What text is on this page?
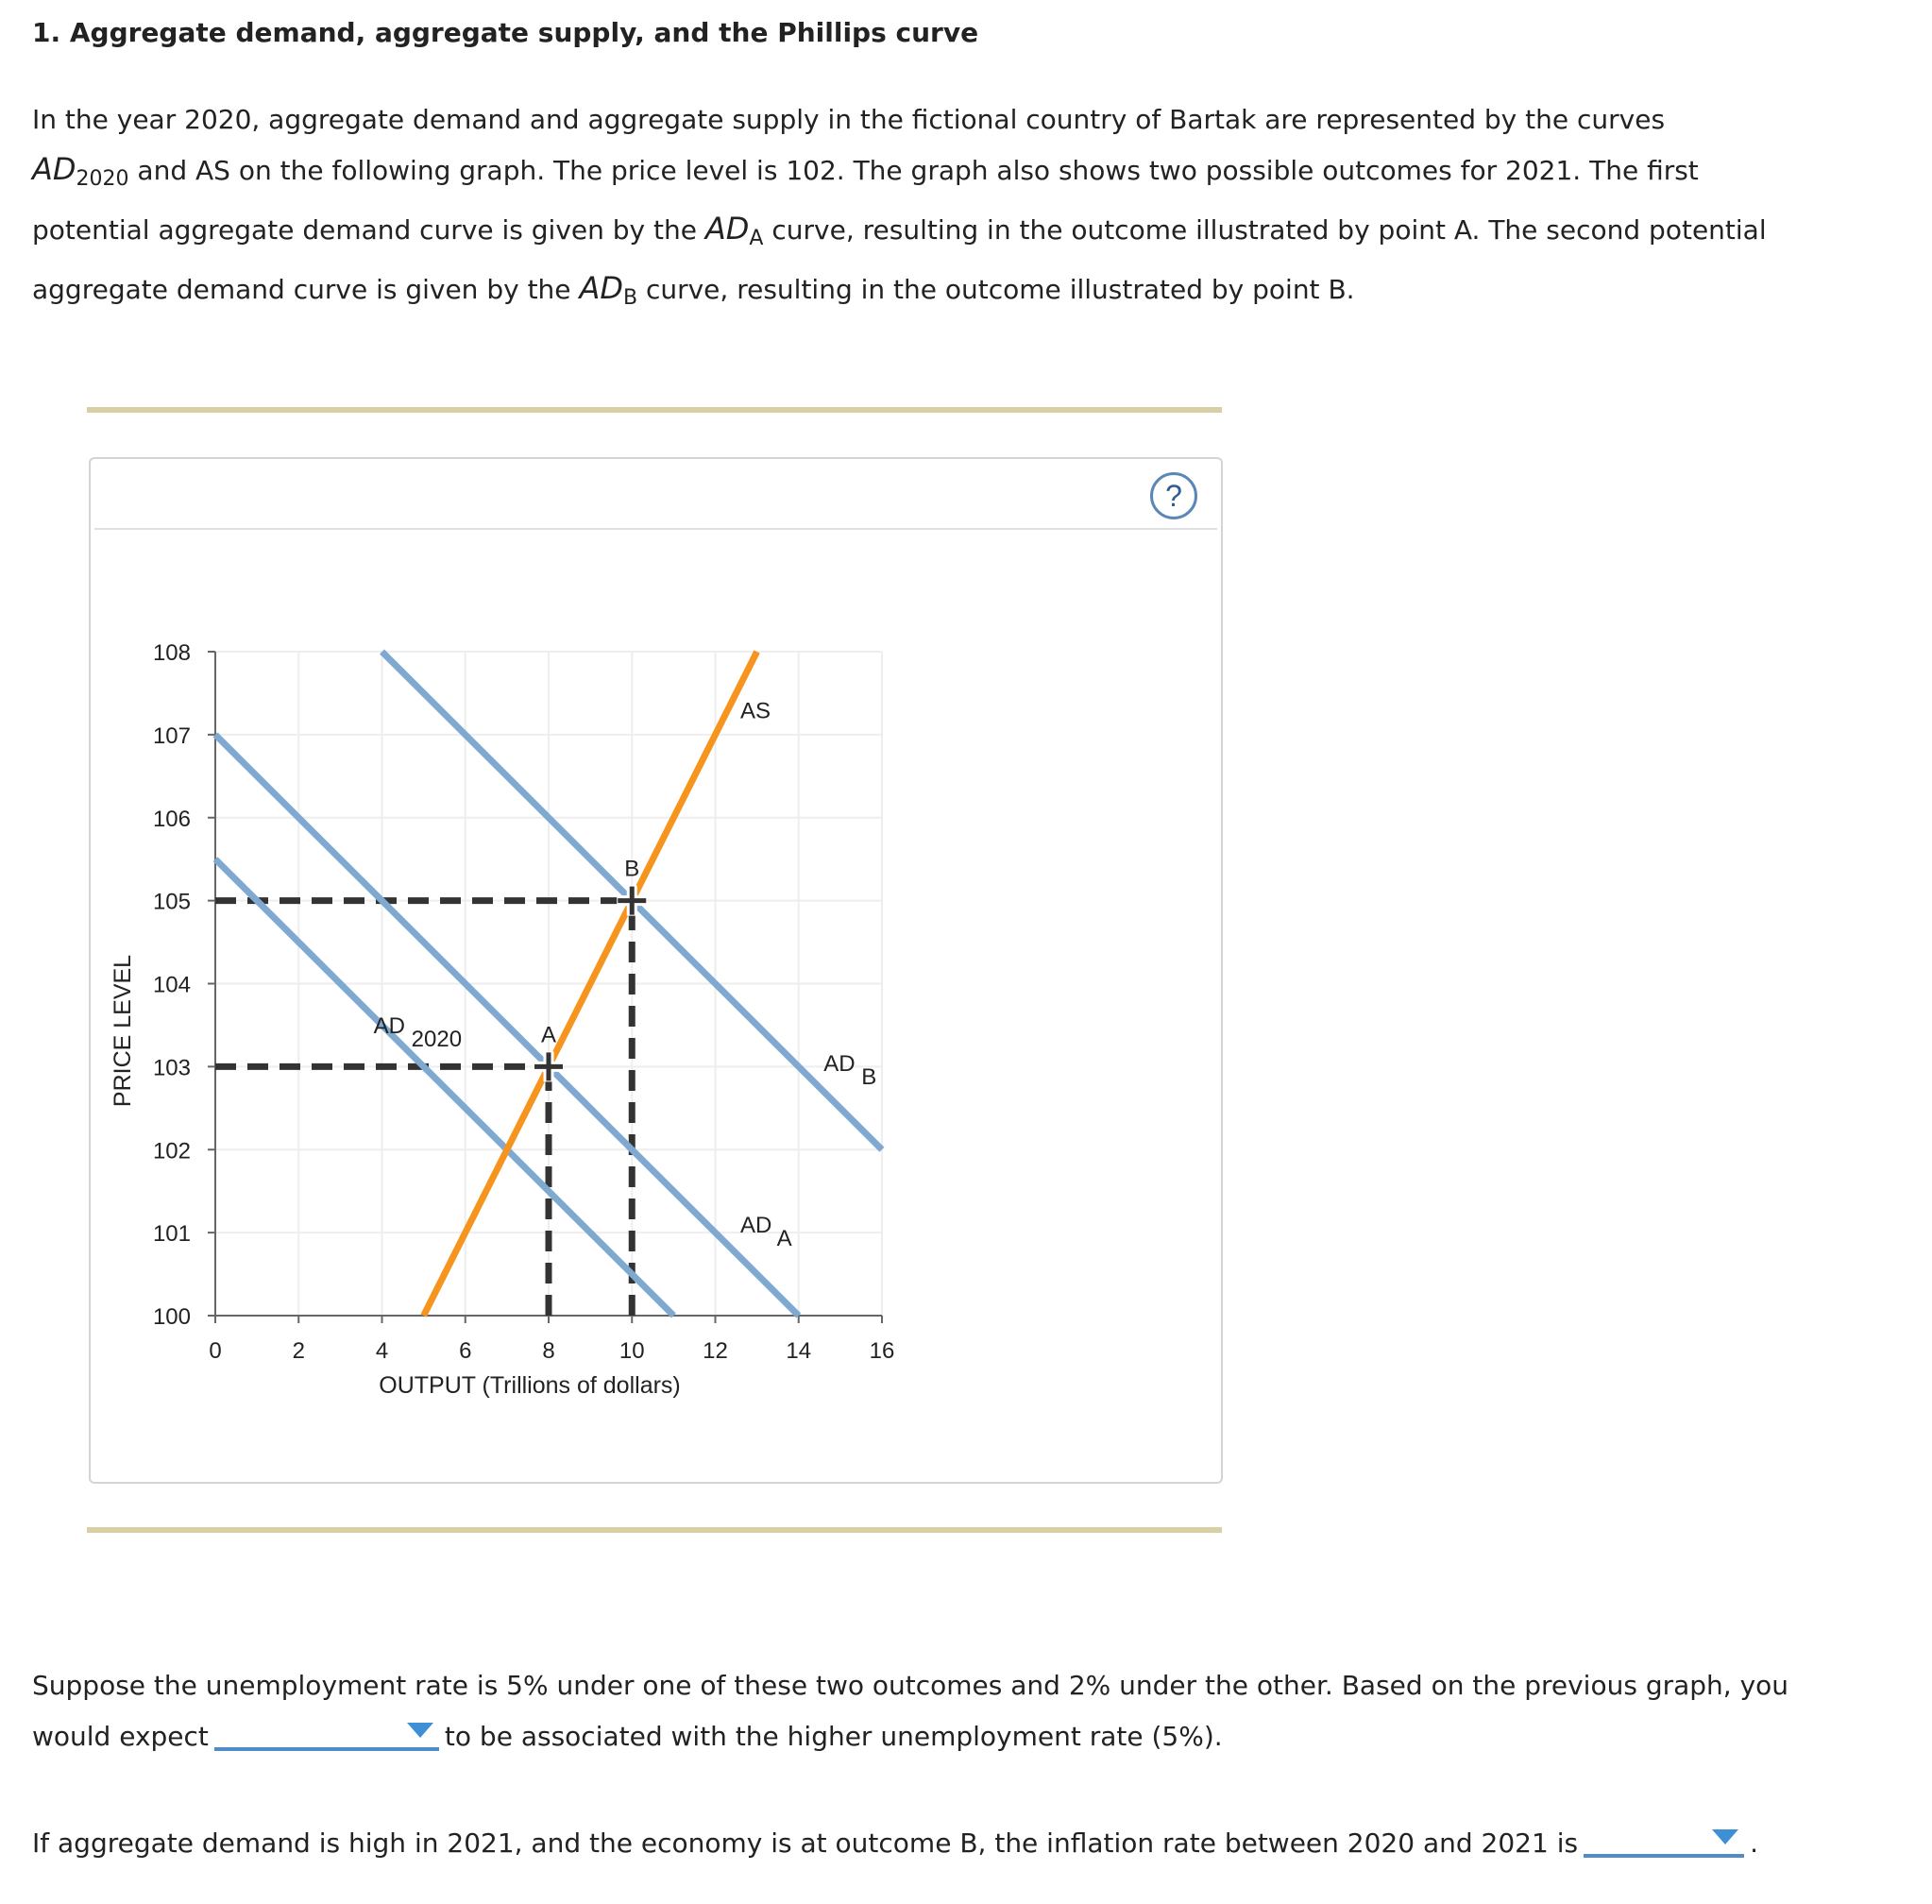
1. Aggregate demand, aggregate supply, and the Phillips curve
In the year 2020, aggregate demand and aggregate supply in the fictional country of Bartak are represented by the curves
$AD_{2020}$ and AS on the following graph. The price level is 102. The graph also shows two possible outcomes for 2021. The first
potential aggregate demand curve is given by the $AD_A$ curve, resulting in the outcome illustrated by point A. The second potential
aggregate demand curve is given by the $AD_B$ curve, resulting in the outcome illustrated by point B.
?
0	2	4	6	8	10	12	14	16
100
101
102
103
104
105
106
107
108
OUTPUT (Trillions of dollars)
PRICE LEVEL	AD 2020
AD A
AD B
AS
A
B
Suppose the unemployment rate is 5% under one of these two outcomes and 2% under the other. Based on the previous graph, you
would expect	to be associated with the higher unemployment rate (5%).
If aggregate demand is high in 2021, and the economy is at outcome B, the inflation rate between 2020 and 2021 is	.
